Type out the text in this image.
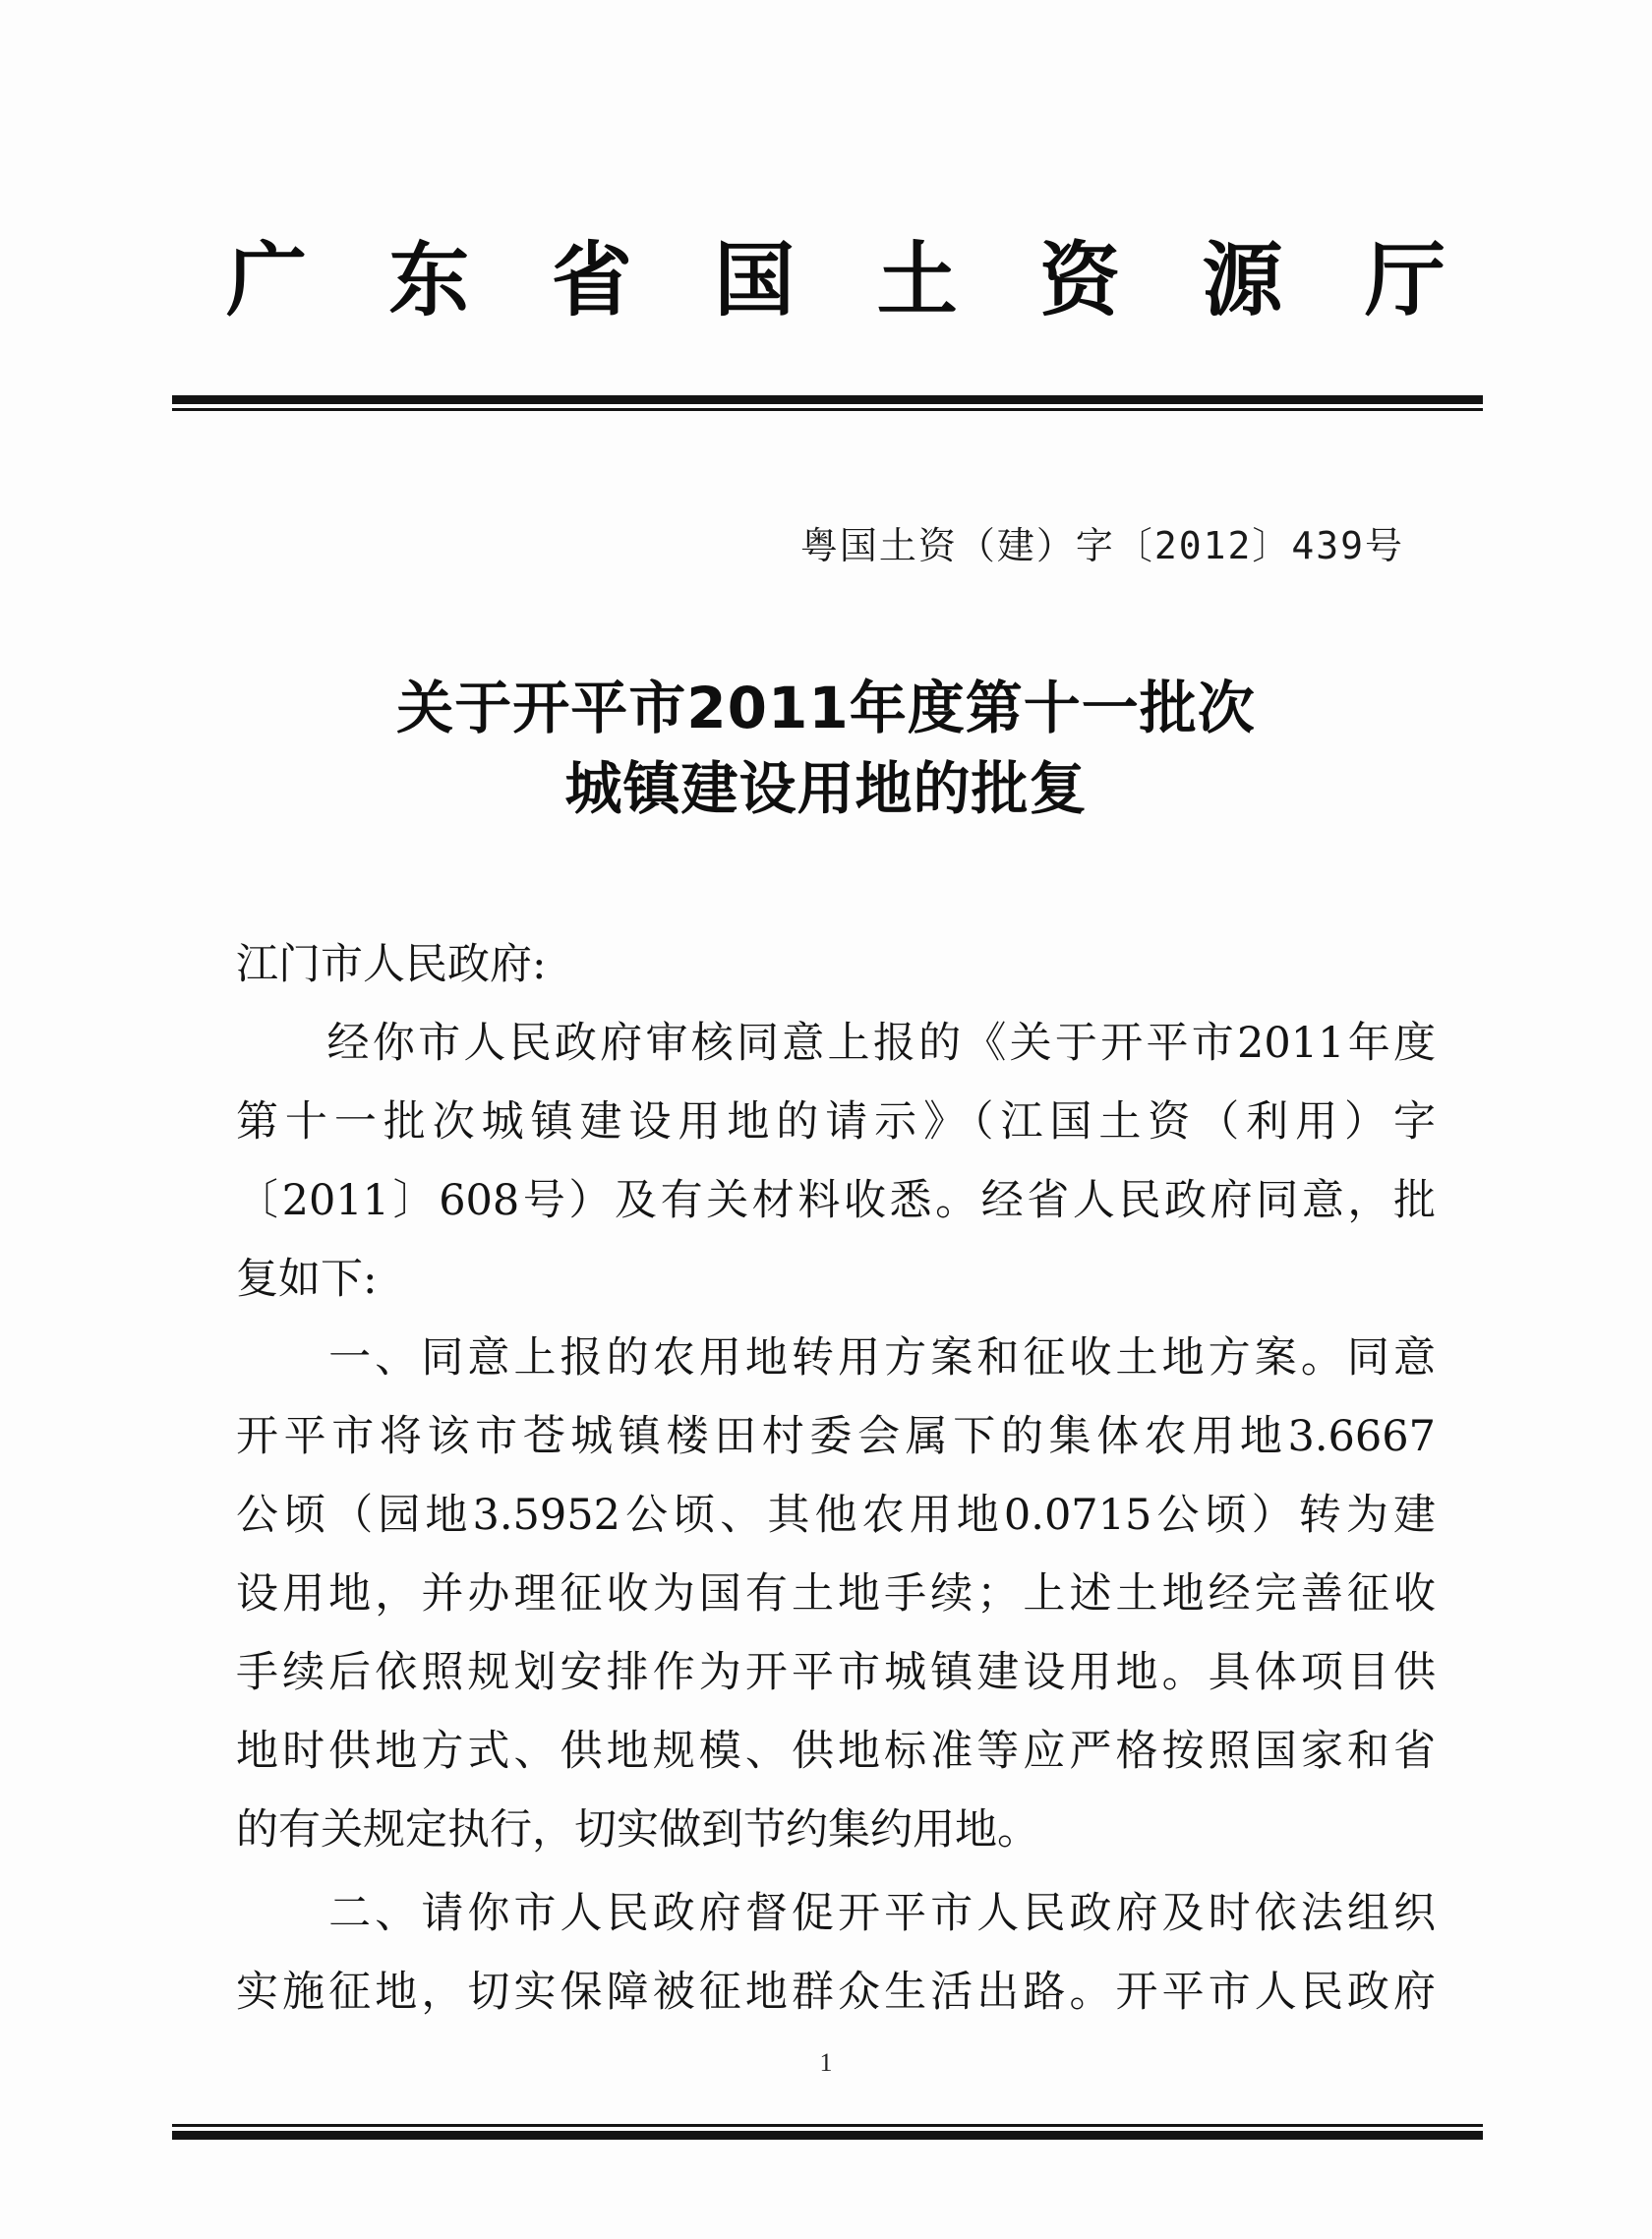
广 东 省 国 土 资 源 厅
粤国土资（建）字〔2012〕439号
关于开平市2011年度第十一批次
城镇建设用地的批复
江门市人民政府:
　　经你市人民政府审核同意上报的《关于开平市2011年度
第十一批次城镇建设用地的请示》（江国土资（利用）字
〔2011〕608号）及有关材料收悉。经省人民政府同意，批
复如下:
　　一、同意上报的农用地转用方案和征收土地方案。同意
开平市将该市苍城镇楼田村委会属下的集体农用地3.6667
公顷（园地3.5952公顷、其他农用地0.0715公顷）转为建
设用地，并办理征收为国有土地手续；上述土地经完善征收
手续后依照规划安排作为开平市城镇建设用地。具体项目供
地时供地方式、供地规模、供地标准等应严格按照国家和省
的有关规定执行，切实做到节约集约用地。
　　二、请你市人民政府督促开平市人民政府及时依法组织
实施征地，切实保障被征地群众生活出路。开平市人民政府
1
